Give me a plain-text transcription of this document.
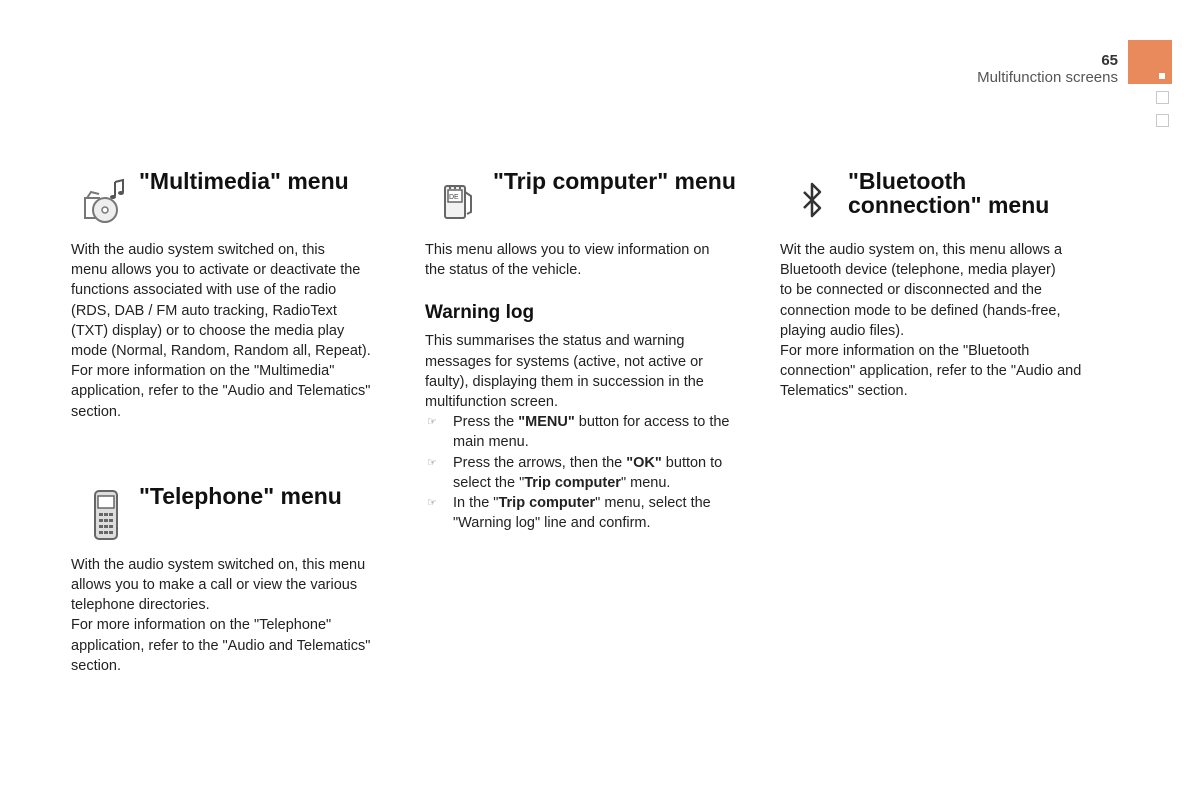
65
Multifunction screens
"Multimedia" menu

With the audio system switched on, this

menu allows you to activate or deactivate the

functions associated with use of the radio

(RDS, DAB / FM auto tracking, RadioText

(TXT) display) or to choose the media play

mode (Normal, Random, Random all, Repeat).

For more information on the "Multimedia"

application, refer to the "Audio and Telematics"

section.

"Telephone" menu

With the audio system switched on, this menu

allows you to make a call or view the various

telephone directories.

For more information on the "Telephone"

application, refer to the "Audio and Telematics"

section.

DE
"Trip computer" menu

This menu allows you to view information on

the status of the vehicle.

Warning log

This summarises the status and warning

messages for systems (active, not active or

faulty), displaying them in succession in the

multifunction screen.

☞ Press the "MENU" button for access to the

main menu.

☞ Press the arrows, then the "OK" button to

select the "Trip computer" menu.

☞ In the "Trip computer" menu, select the

"Warning log" line and confirm.

"Bluetooth
connection" menu

Wit the audio system on, this menu allows a

Bluetooth device (telephone, media player)

to be connected or disconnected and the

connection mode to be defined (hands-free,

playing audio files).

For more information on the "Bluetooth

connection" application, refer to the "Audio and

Telematics" section.
